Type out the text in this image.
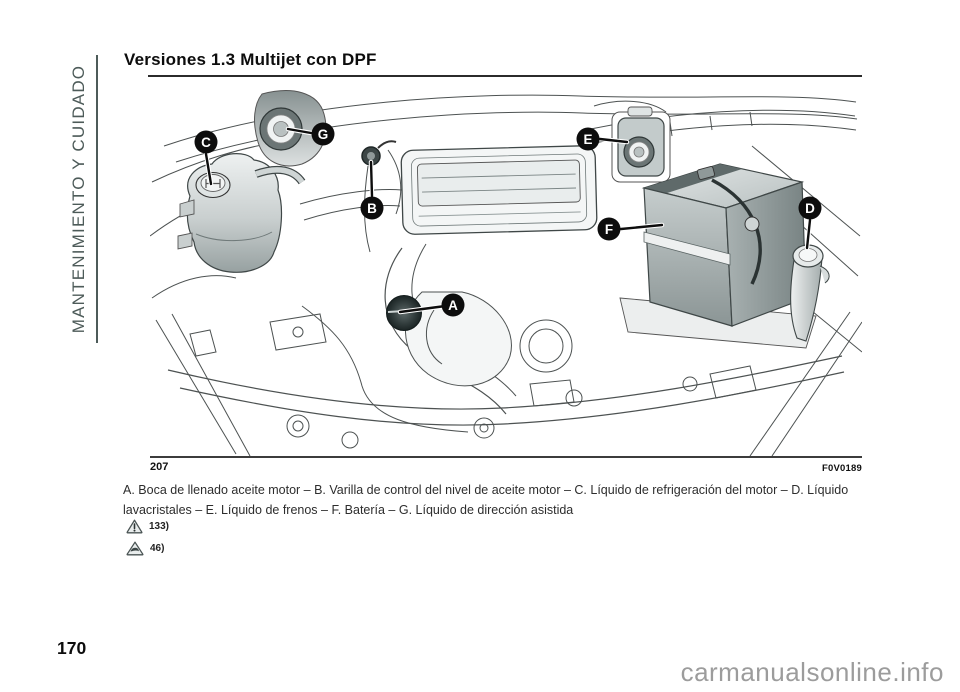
MANTENIMIENTO Y CUIDADO
Versiones 1.3 Multijet con DPF
A
B
C
D
E
F
G
207	F0V0189

A. Boca de llenado aceite motor – B. Varilla de control del nivel de aceite motor – C. Líquido de refrigeración del motor – D. Líquido lavacristales – E. Líquido de frenos – F. Batería – G. Líquido de dirección asistida

133)
46)
170
carmanualsonline.info
